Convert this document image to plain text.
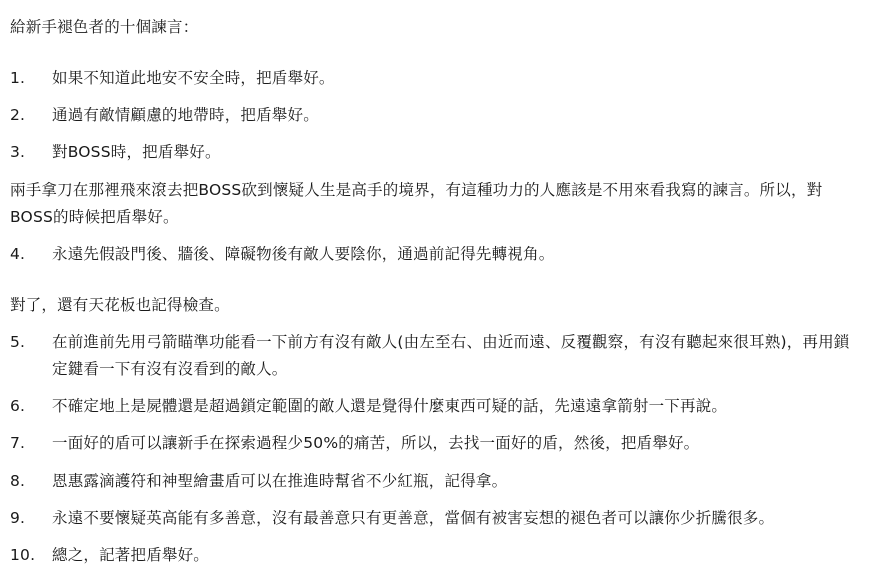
給新手褪色者的十個諫言：

1.	如果不知道此地安不安全時，把盾舉好。
2.	通過有敵情顧慮的地帶時，把盾舉好。
3.	對BOSS時，把盾舉好。

兩手拿刀在那裡飛來滾去把BOSS砍到懷疑人生是高手的境界，有這種功力的人應該是不用來看我寫的諫言。所以，對BOSS的時候把盾舉好。

4.	永遠先假設門後、牆後、障礙物後有敵人要陰你，通過前記得先轉視角。

對了，還有天花板也記得檢查。

5.	在前進前先用弓箭瞄準功能看一下前方有沒有敵人(由左至右、由近而遠、反覆觀察，有沒有聽起來很耳熟)，再用鎖定鍵看一下有沒有沒看到的敵人。
6.	不確定地上是屍體還是超過鎖定範圍的敵人還是覺得什麼東西可疑的話，先遠遠拿箭射一下再說。
7.	一面好的盾可以讓新手在探索過程少50%的痛苦，所以，去找一面好的盾，然後，把盾舉好。
8.	恩惠露滴護符和神聖繪畫盾可以在推進時幫省不少紅瓶，記得拿。
9.	永遠不要懷疑英高能有多善意，沒有最善意只有更善意，當個有被害妄想的褪色者可以讓你少折騰很多。
10.	總之，記著把盾舉好。
